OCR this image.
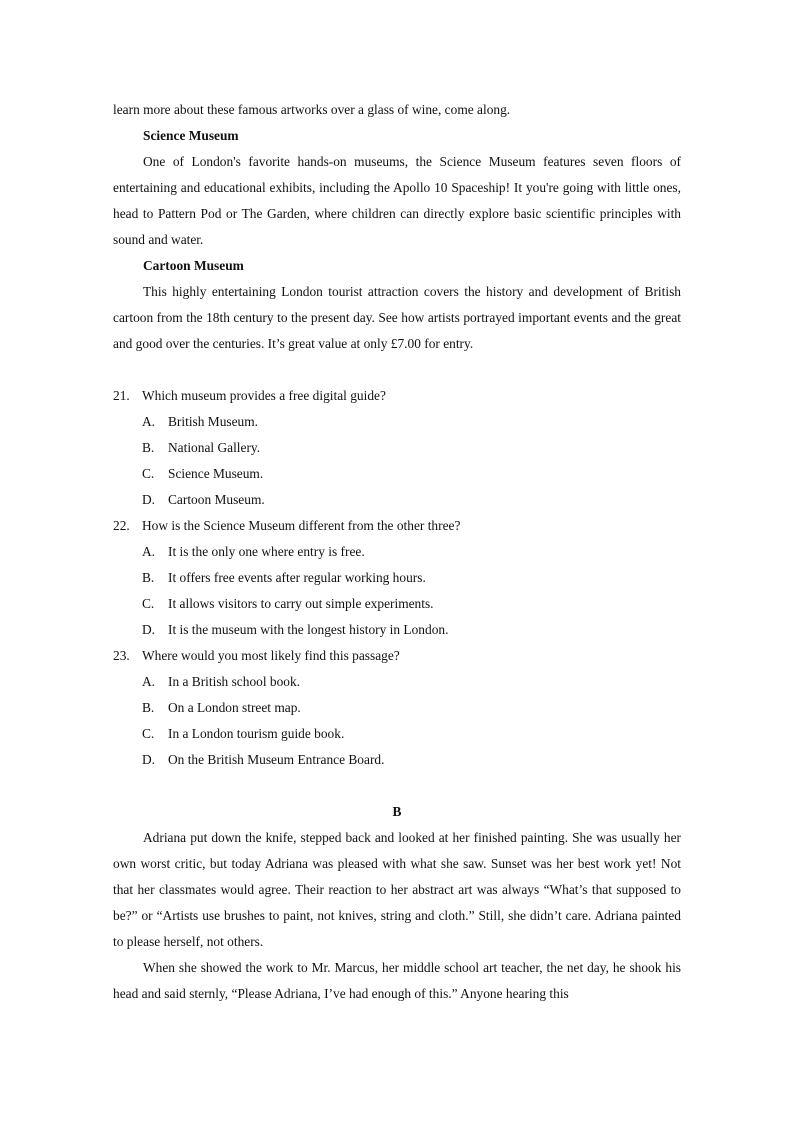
learn more about these famous artworks over a glass of wine, come along.
Science Museum

One of London's favorite hands-on museums, the Science Museum features seven floors of entertaining and educational exhibits, including the Apollo 10 Spaceship! It you're going with little ones, head to Pattern Pod or The Garden, where children can directly explore basic scientific principles with sound and water.

Cartoon Museum

This highly entertaining London tourist attraction covers the history and development of British cartoon from the 18th century to the present day. See how artists portrayed important events and the great and good over the centuries. It’s great value at only £7.00 for entry.

21. Which museum provides a free digital guide?
A. British Museum.
B.	National Gallery.
C.	Science Museum.
D. Cartoon Museum.
22. How is the Science Museum different from the other three?
A. It is the only one where entry is free.
B.	It offers free events after regular working hours.
C.	It allows visitors to carry out simple experiments.
D. It is the museum with the longest history in London.
23. Where would you most likely find this passage?
A. In a British school book.
B.	On a London street map.
C.	In a London tourism guide book.
D. On the British Museum Entrance Board.
B

Adriana put down the knife, stepped back and looked at her finished painting. She was usually her own worst critic, but today Adriana was pleased with what she saw. Sunset was her best work yet! Not that her classmates would agree. Their reaction to her abstract art was always “What’s that supposed to be?” or “Artists use brushes to paint, not knives, string and cloth.” Still, she didn’t care. Adriana painted to please herself, not others.

When she showed the work to Mr. Marcus, her middle school art teacher, the net day, he shook his head and said sternly, “Please Adriana, I’ve had enough of this.” Anyone hearing this
